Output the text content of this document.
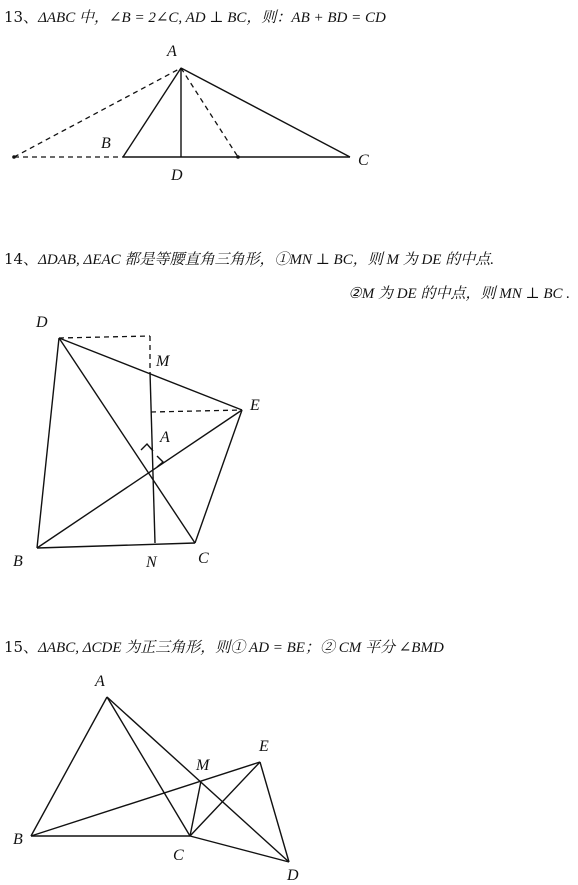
13、ΔABC 中，∠B = 2∠C, AD ⊥ BC，则：AB + BD = CD
14、ΔDAB, ΔEAC 都是等腰直角三角形，①MN ⊥ BC，则 M 为 DE 的中点.
②M 为 DE 的中点，则 MN ⊥ BC .
15、ΔABC, ΔCDE 为正三角形，则① AD = BE；② CM 平分 ∠BMD
A
B
C
D
D
M
E
A
B	N	C
A
E
M
B
C
D
